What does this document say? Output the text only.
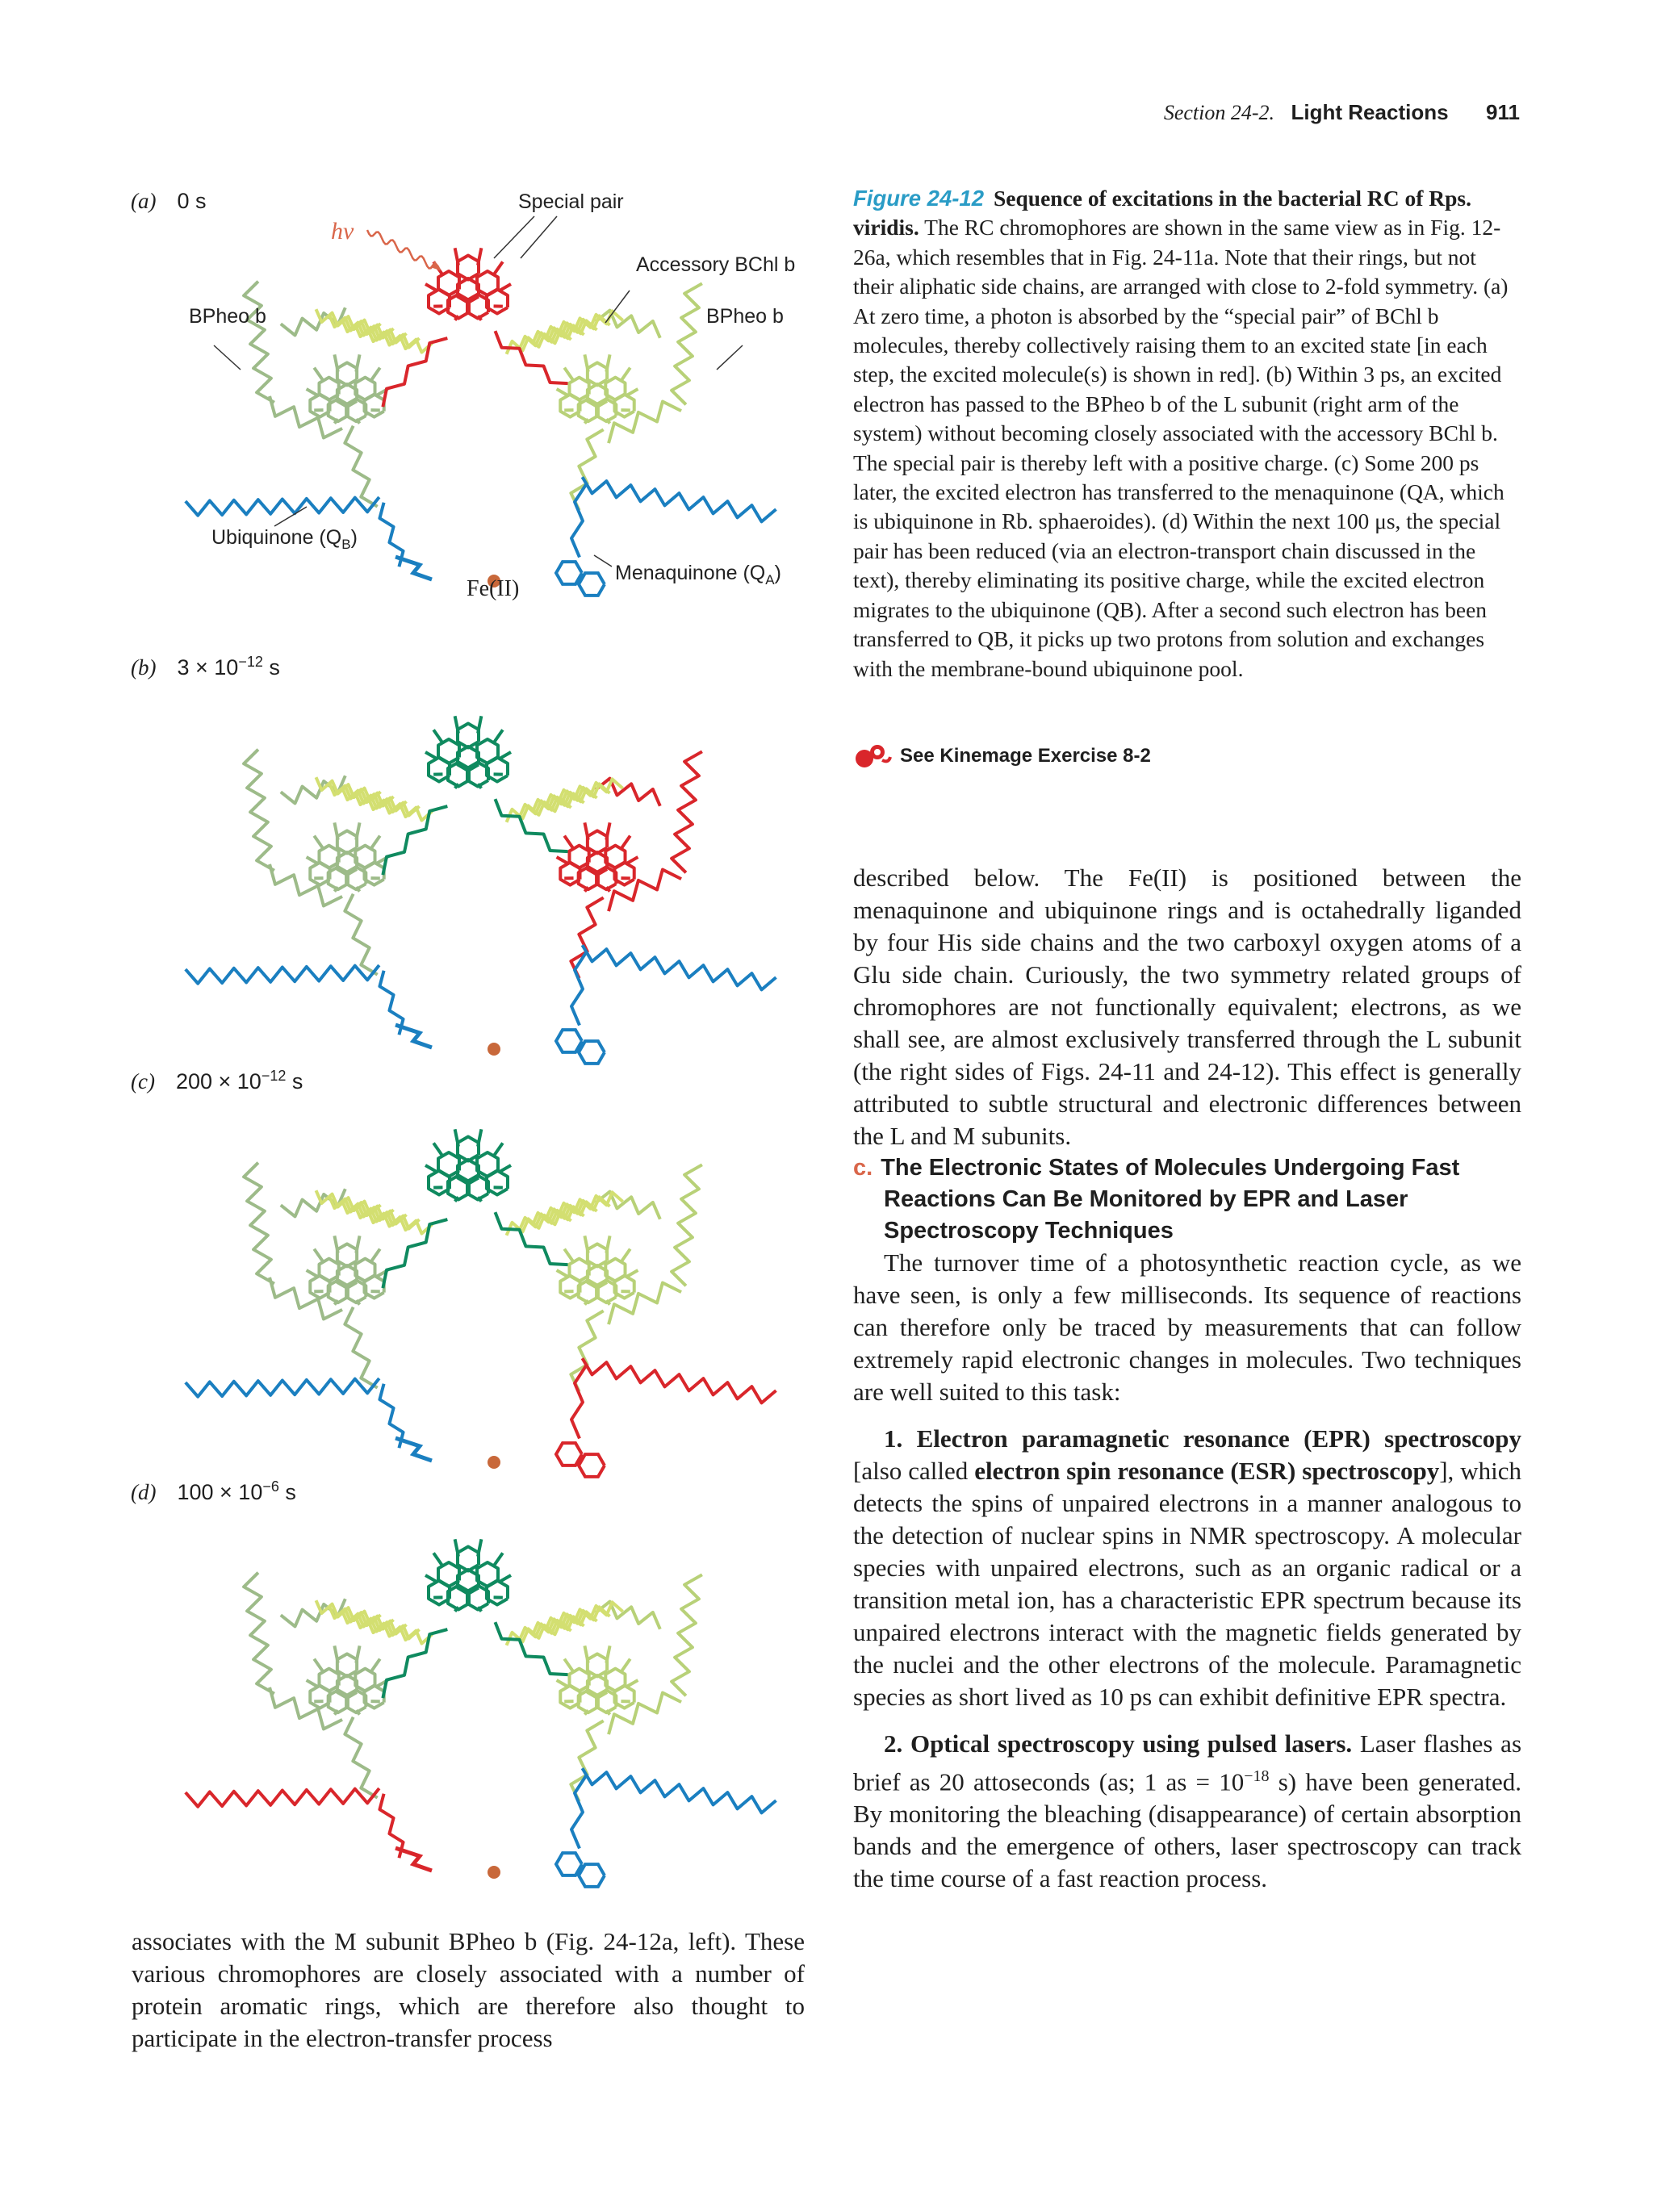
Section 24-2. Light Reactions 911
(a) 0 s
(b) $3 \times 10^{-12}$ s
(c) $200 \times 10^{-12}$ s
(d) $100 \times 10^{-6}$ s
Special pair
hν
Accessory BChl b
BPheo b	BPheo b
Ubiquinone $(Q_B)$
Menaquinone $(Q_A)$
Fe(II)
Figure 24-12 Sequence of excitations in the bacterial RC of Rps. viridis. The RC chromophores are shown in the same view as in Fig. 12-26a, which resembles that in Fig. 24-11a. Note that their rings, but not their aliphatic side chains, are arranged with close to 2-fold symmetry. (a) At zero time, a photon is absorbed by the “special pair” of BChl b molecules, thereby collectively raising them to an excited state [in each step, the excited molecule(s) is shown in red]. (b) Within 3 ps, an excited electron has passed to the BPheo b of the L subunit (right arm of the system) without becoming closely associated with the accessory BChl b. The special pair is thereby left with a positive charge. (c) Some 200 ps later, the excited electron has transferred to the menaquinone (QA, which is ubiquinone in Rb. sphaeroides). (d) Within the next 100 μs, the special pair has been reduced (via an electron-transport chain discussed in the text), thereby eliminating its positive charge, while the excited electron migrates to the ubiquinone (QB). After a second such electron has been transferred to QB, it picks up two protons from solution and exchanges with the membrane-bound ubiquinone pool.
See Kinemage Exercise 8-2

described below. The Fe(II) is positioned between the menaquinone and ubiquinone rings and is octahedrally liganded by four His side chains and the two carboxyl oxygen atoms of a Glu side chain. Curiously, the two symmetry related groups of chromophores are not functionally equivalent; electrons, as we shall see, are almost exclusively transferred through the L subunit (the right sides of Figs. 24-11 and 24-12). This effect is generally attributed to subtle structural and electronic differences between the L and M subunits.

c. The Electronic States of Molecules Undergoing Fast Reactions Can Be Monitored by EPR and Laser Spectroscopy Techniques

The turnover time of a photosynthetic reaction cycle, as we have seen, is only a few milliseconds. Its sequence of reactions can therefore only be traced by measurements that can follow extremely rapid electronic changes in molecules. Two techniques are well suited to this task:

1. Electron paramagnetic resonance (EPR) spectroscopy [also called electron spin resonance (ESR) spectroscopy], which detects the spins of unpaired electrons in a manner analogous to the detection of nuclear spins in NMR spectroscopy. A molecular species with unpaired electrons, such as an organic radical or a transition metal ion, has a characteristic EPR spectrum because its unpaired electrons interact with the magnetic fields generated by the nuclei and the other electrons of the molecule. Paramagnetic species as short lived as 10 ps can exhibit definitive EPR spectra.

2. Optical spectroscopy using pulsed lasers. Laser flashes as brief as 20 attoseconds (as; 1 as = $10^{-18}$ s) have been generated. By monitoring the bleaching (disappearance) of certain absorption bands and the emergence of others, laser spectroscopy can track the time course of a fast reaction process.

associates with the M subunit BPheo b (Fig. 24-12a, left). These various chromophores are closely associated with a number of protein aromatic rings, which are therefore also thought to participate in the electron-transfer process
